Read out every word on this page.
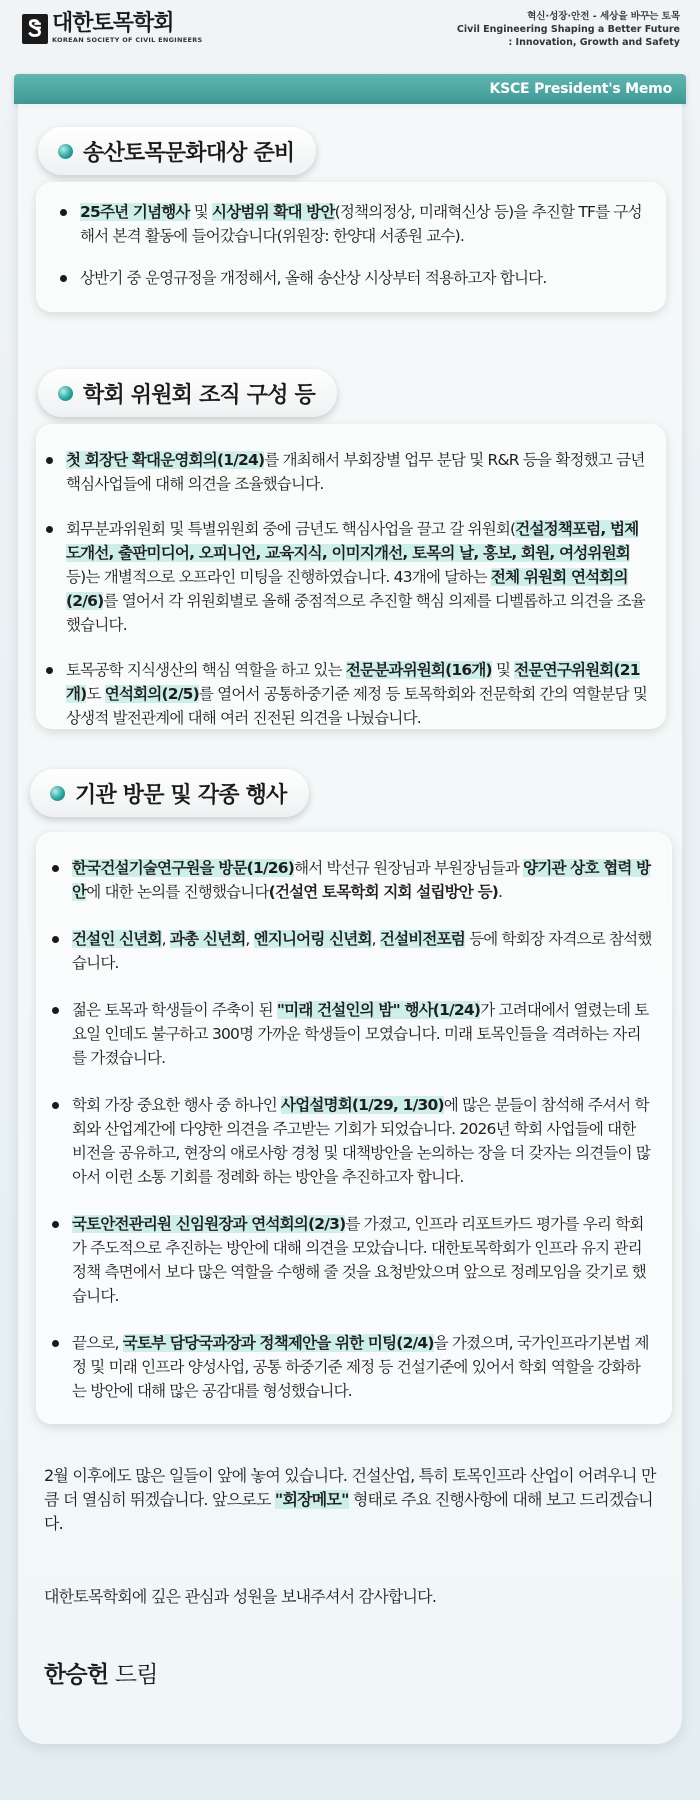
Ꮥ 대한토목학회
KOREAN SOCIETY OF CIVIL ENGINEERS
혁신·성장·안전 - 세상을 바꾸는 토목
Civil Engineering Shaping a Better Future
: Innovation, Growth and Safety
KSCE President's Memo
송산토목문화대상 준비
25주년 기념행사 및 시상범위 확대 방안(정책의정상, 미래혁신상 등)을 추진할 TF를 구성해서 본격 활동에 들어갔습니다(위원장: 한양대 서종원 교수).
상반기 중 운영규정을 개정해서, 올해 송산상 시상부터 적용하고자 합니다.
학회 위원회 조직 구성 등
첫 회장단 확대운영회의(1/24)를 개최해서 부회장별 업무 분담 및 R&R 등을 확정했고 금년 핵심사업들에 대해 의견을 조율했습니다.
회무분과위원회 및 특별위원회 중에 금년도 핵심사업을 끌고 갈 위원회(건설정책포럼, 법제도개선, 출판미디어, 오피니언, 교육지식, 이미지개선, 토목의 날, 홍보, 회원, 여성위원회 등)는 개별적으로 오프라인 미팅을 진행하였습니다. 43개에 달하는 전체 위원회 연석회의(2/6)를 열어서 각 위원회별로 올해 중점적으로 추진할 핵심 의제를 디벨롭하고 의견을 조율했습니다.
토목공학 지식생산의 핵심 역할을 하고 있는 전문분과위원회(16개) 및 전문연구위원회(21개)도 연석회의(2/5)를 열어서 공통하중기준 제정 등 토목학회와 전문학회 간의 역할분담 및 상생적 발전관계에 대해 여러 진전된 의견을 나눴습니다.
기관 방문 및 각종 행사
한국건설기술연구원을 방문(1/26)해서 박선규 원장님과 부원장님들과 양기관 상호 협력 방안에 대한 논의를 진행했습니다(건설연 토목학회 지회 설립방안 등).
건설인 신년회, 과총 신년회, 엔지니어링 신년회, 건설비전포럼 등에 학회장 자격으로 참석했습니다.
젊은 토목과 학생들이 주축이 된 "미래 건설인의 밤" 행사(1/24)가 고려대에서 열렸는데 토요일 인데도 불구하고 300명 가까운 학생들이 모였습니다. 미래 토목인들을 격려하는 자리를 가졌습니다.
학회 가장 중요한 행사 중 하나인 사업설명회(1/29, 1/30)에 많은 분들이 참석해 주셔서 학회와 산업계간에 다양한 의견을 주고받는 기회가 되었습니다. 2026년 학회 사업들에 대한 비전을 공유하고, 현장의 애로사항 경청 및 대책방안을 논의하는 장을 더 갖자는 의견들이 많아서 이런 소통 기회를 정례화 하는 방안을 추진하고자 합니다.
국토안전관리원 신임원장과 연석회의(2/3)를 가졌고, 인프라 리포트카드 평가를 우리 학회가 주도적으로 추진하는 방안에 대해 의견을 모았습니다. 대한토목학회가 인프라 유지 관리 정책 측면에서 보다 많은 역할을 수행해 줄 것을 요청받았으며 앞으로 정례모임을 갖기로 했습니다.
끝으로, 국토부 담당국과장과 정책제안을 위한 미팅(2/4)을 가졌으며, 국가인프라기본법 제정 및 미래 인프라 양성사업, 공통 하중기준 제정 등 건설기준에 있어서 학회 역할을 강화하는 방안에 대해 많은 공감대를 형성했습니다.
2월 이후에도 많은 일들이 앞에 놓여 있습니다. 건설산업, 특히 토목인프라 산업이 어려우니 만큼 더 열심히 뛰겠습니다. 앞으로도 "회장메모" 형태로 주요 진행사항에 대해 보고 드리겠습니다.
대한토목학회에 깊은 관심과 성원을 보내주셔서 감사합니다.
한승헌 드림
